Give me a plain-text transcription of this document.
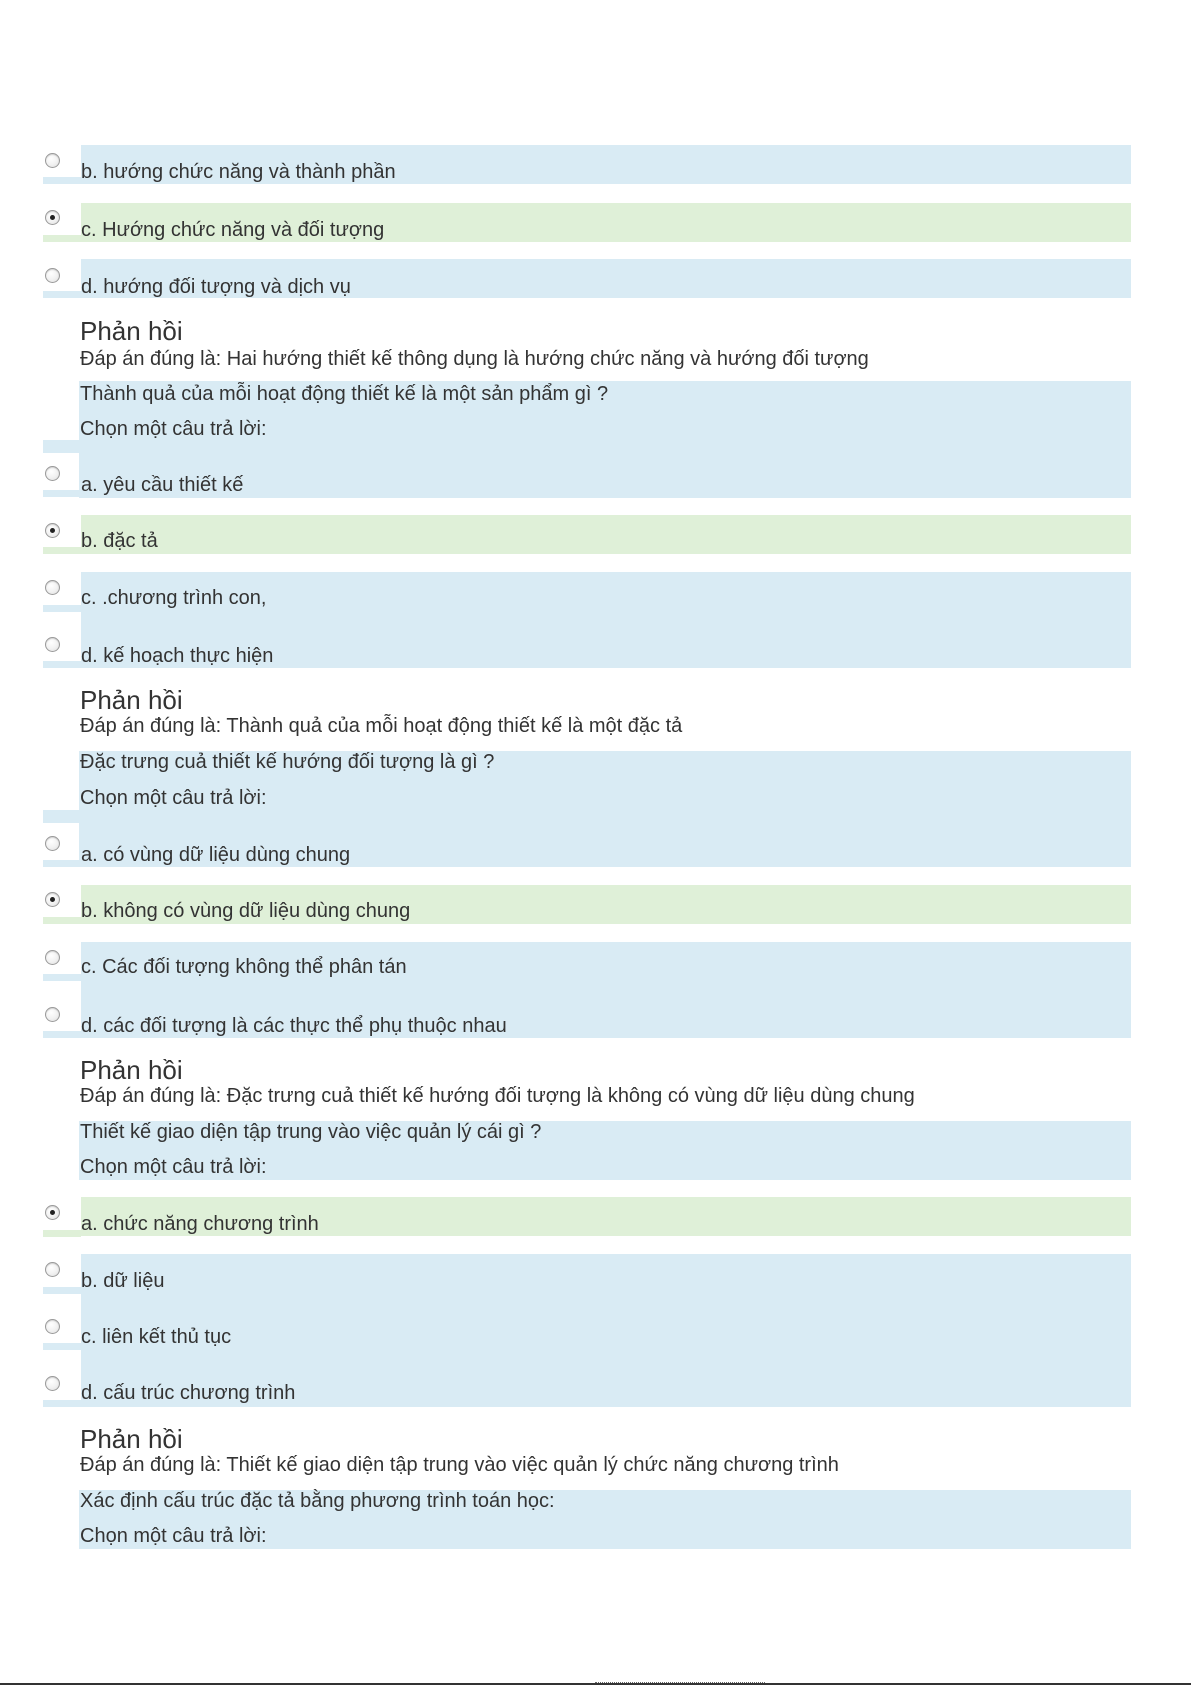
b. hướng chức năng và thành phần
c. Hướng chức năng và đối tượng
d. hướng đối tượng và dịch vụ
Phản hồi
Đáp án đúng là: Hai hướng thiết kế thông dụng là hướng chức năng và hướng đối tượng
Thành quả của mỗi hoạt động thiết kế là một sản phẩm gì ?
Chọn một câu trả lời:
a. yêu cầu thiết kế
b. đặc tả
c. .chương trình con,
d. kế hoạch thực hiện
Phản hồi
Đáp án đúng là: Thành quả của mỗi hoạt động thiết kế là một đặc tả
Đặc trưng cuả thiết kế hướng đối tượng là gì ?
Chọn một câu trả lời:
a. có vùng dữ liệu dùng chung
b. không có vùng dữ liệu dùng chung
c. Các đối tượng không thể phân tán
d. các đối tượng là các thực thể phụ thuộc nhau
Phản hồi
Đáp án đúng là: Đặc trưng cuả thiết kế hướng đối tượng là không có vùng dữ liệu dùng chung
Thiết kế giao diện tập trung vào việc quản lý cái gì ?
Chọn một câu trả lời:
a. chức năng chương trình
b. dữ liệu
c. liên kết thủ tục
d. cấu trúc chương trình
Phản hồi
Đáp án đúng là: Thiết kế giao diện tập trung vào việc quản lý chức năng chương trình
Xác định cấu trúc đặc tả bằng phương trình toán học:
Chọn một câu trả lời:
